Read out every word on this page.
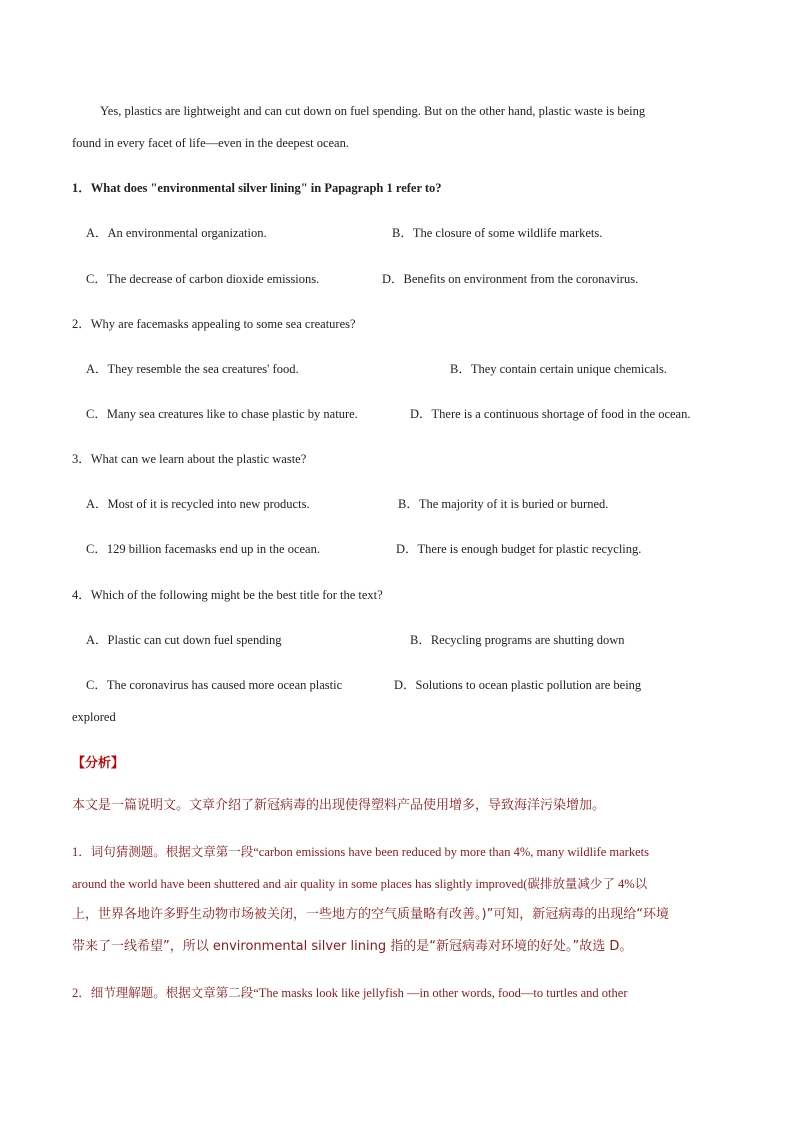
Yes, plastics are lightweight and can cut down on fuel spending. But on the other hand, plastic waste is being
found in every facet of life—even in the deepest ocean.
1．What does "environmental silver lining" in Papagraph 1 refer to?
A．An environmental organization.	B．The closure of some wildlife markets.
C．The decrease of carbon dioxide emissions.	D．Benefits on environment from the coronavirus.
2．Why are facemasks appealing to some sea creatures?
A．They resemble the sea creatures' food.	B．They contain certain unique chemicals.
C．Many sea creatures like to chase plastic by nature.	D．There is a continuous shortage of food in the ocean.
3．What can we learn about the plastic waste?
A．Most of it is recycled into new products.	B．The majority of it is buried or burned.
C．129 billion facemasks end up in the ocean.	D．There is enough budget for plastic recycling.
4．Which of the following might be the best title for the text?
A．Plastic can cut down fuel spending	B．Recycling programs are shutting down
C．The coronavirus has caused more ocean plastic	D．Solutions to ocean plastic pollution are being
explored
【分析】
本文是一篇说明文。文章介绍了新冠病毒的出现使得塑料产品使用增多，导致海洋污染增加。
1．词句猜测题。根据文章第一段“carbon emissions have been reduced by more than 4%, many wildlife markets
around the world have been shuttered and air quality in some places has slightly improved(碳排放量减少了 4%以
上，世界各地许多野生动物市场被关闭，一些地方的空气质量略有改善。)”可知，新冠病毒的出现给“环境
带来了一线希望”，所以 environmental silver lining 指的是“新冠病毒对环境的好处。”故选 D。
2．细节理解题。根据文章第二段“The masks look like jellyfish —in other words, food—to turtles and other
